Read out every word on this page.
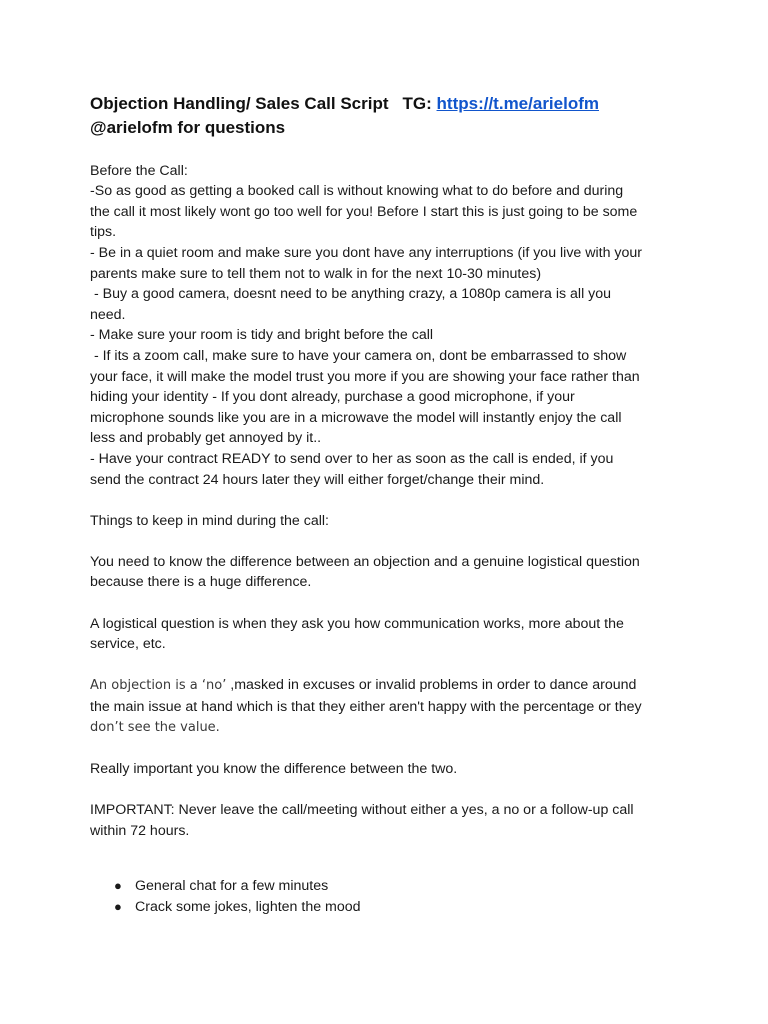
Objection Handling/ Sales Call Script TG: https://t.me/arielofm

@arielofm for questions

Before the Call:
-So as good as getting a booked call is without knowing what to do before and during
the call it most likely wont go too well for you! Before I start this is just going to be some
tips.
- Be in a quiet room and make sure you dont have any interruptions (if you live with your
parents make sure to tell them not to walk in for the next 10-30 minutes)
- Buy a good camera, doesnt need to be anything crazy, a 1080p camera is all you
need.
- Make sure your room is tidy and bright before the call
- If its a zoom call, make sure to have your camera on, dont be embarrassed to show
your face, it will make the model trust you more if you are showing your face rather than
hiding your identity - If you dont already, purchase a good microphone, if your
microphone sounds like you are in a microwave the model will instantly enjoy the call
less and probably get annoyed by it..
- Have your contract READY to send over to her as soon as the call is ended, if you
send the contract 24 hours later they will either forget/change their mind.
Things to keep in mind during the call:
You need to know the difference between an objection and a genuine logistical question
because there is a huge difference.
A logistical question is when they ask you how communication works, more about the
service, etc.
An objection is a ‘no’ ,masked in excuses or invalid problems in order to dance around
the main issue at hand which is that they either aren't happy with the percentage or they
don’t see the value.
Really important you know the difference between the two.
IMPORTANT: Never leave the call/meeting without either a yes, a no or a follow-up call
within 72 hours.
● General chat for a few minutes
● Crack some jokes, lighten the mood
